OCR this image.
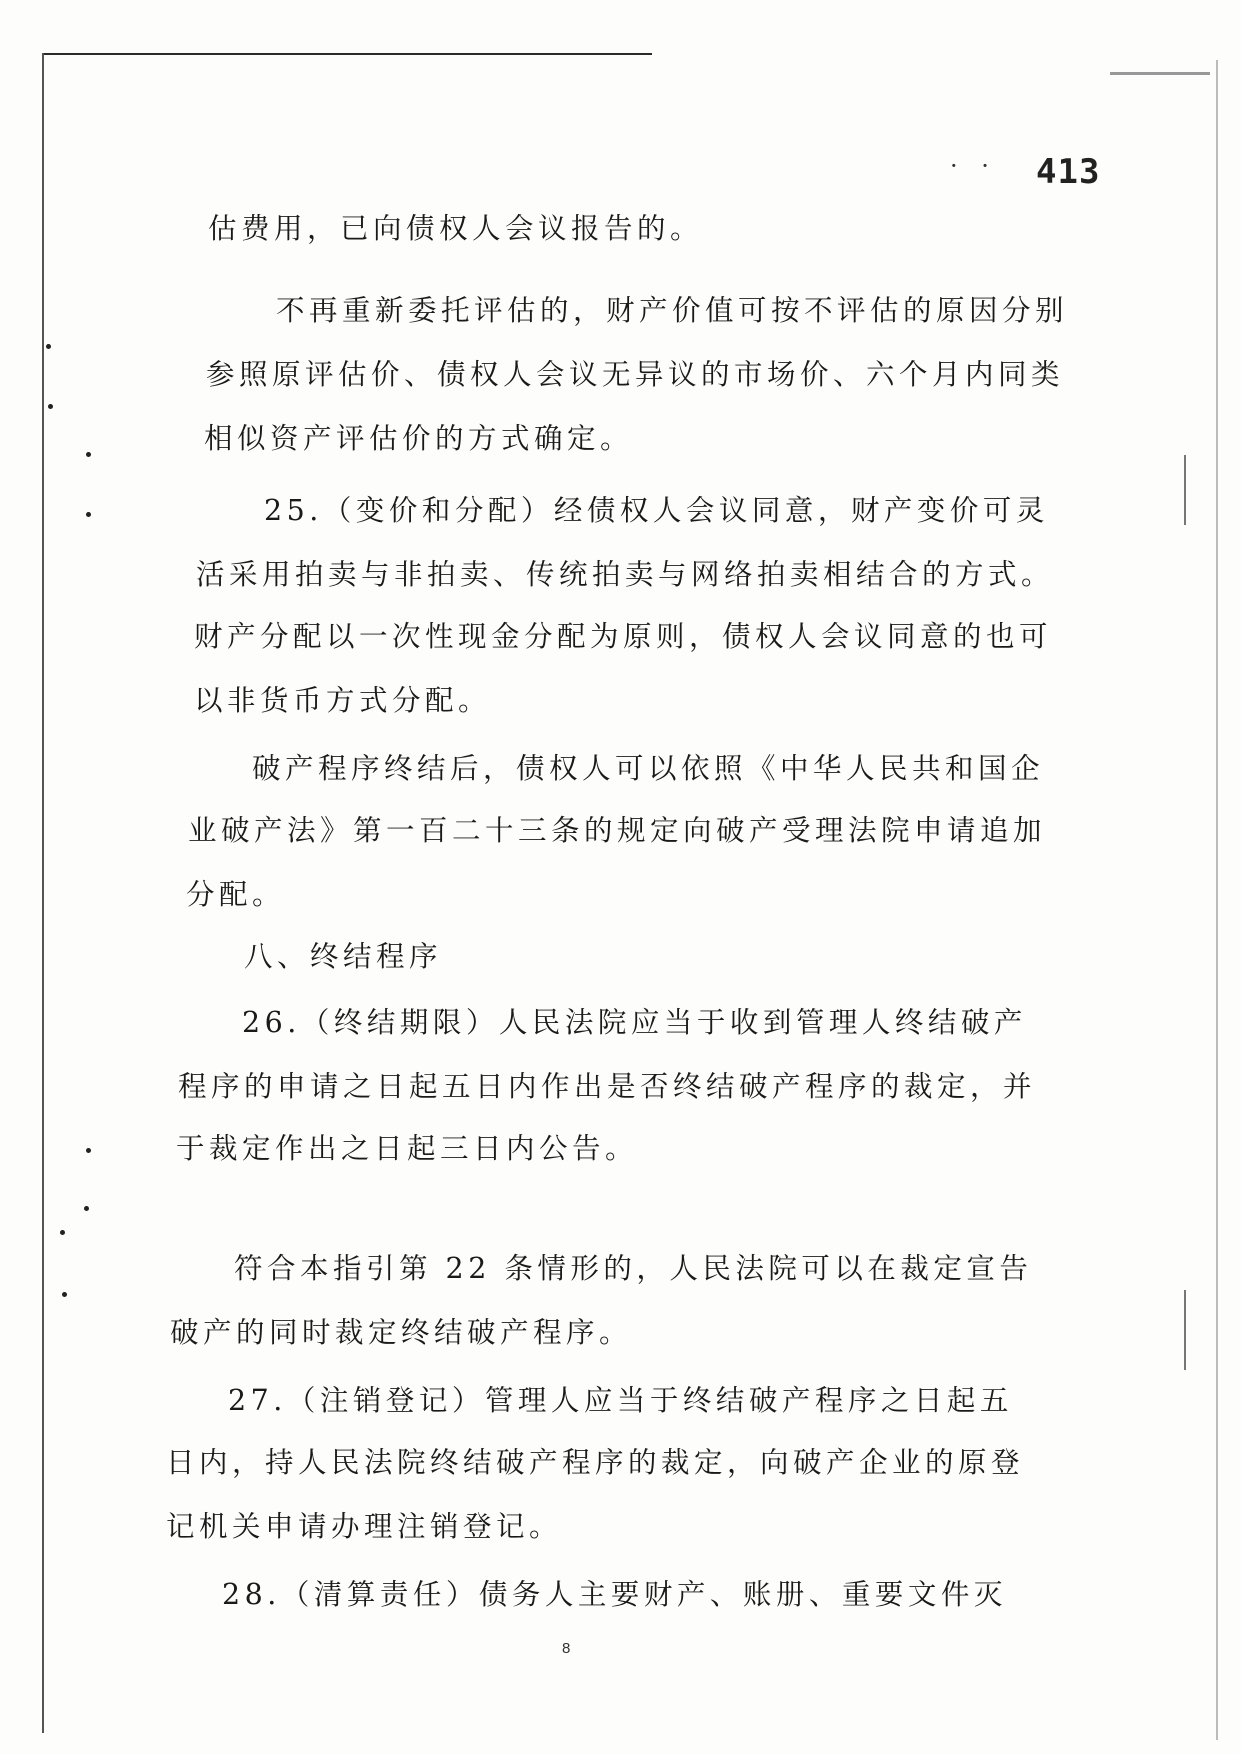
· · 413
估费用，已向债权人会议报告的。
不再重新委托评估的，财产价值可按不评估的原因分别
参照原评估价、债权人会议无异议的市场价、六个月内同类
相似资产评估价的方式确定。
25.（变价和分配）经债权人会议同意，财产变价可灵
活采用拍卖与非拍卖、传统拍卖与网络拍卖相结合的方式。
财产分配以一次性现金分配为原则，债权人会议同意的也可
以非货币方式分配。
破产程序终结后，债权人可以依照《中华人民共和国企
业破产法》第一百二十三条的规定向破产受理法院申请追加
分配。
八、终结程序
26.（终结期限）人民法院应当于收到管理人终结破产
程序的申请之日起五日内作出是否终结破产程序的裁定，并
于裁定作出之日起三日内公告。
符合本指引第 22 条情形的，人民法院可以在裁定宣告
破产的同时裁定终结破产程序。
27.（注销登记）管理人应当于终结破产程序之日起五
日内，持人民法院终结破产程序的裁定，向破产企业的原登
记机关申请办理注销登记。
28.（清算责任）债务人主要财产、账册、重要文件灭
8
